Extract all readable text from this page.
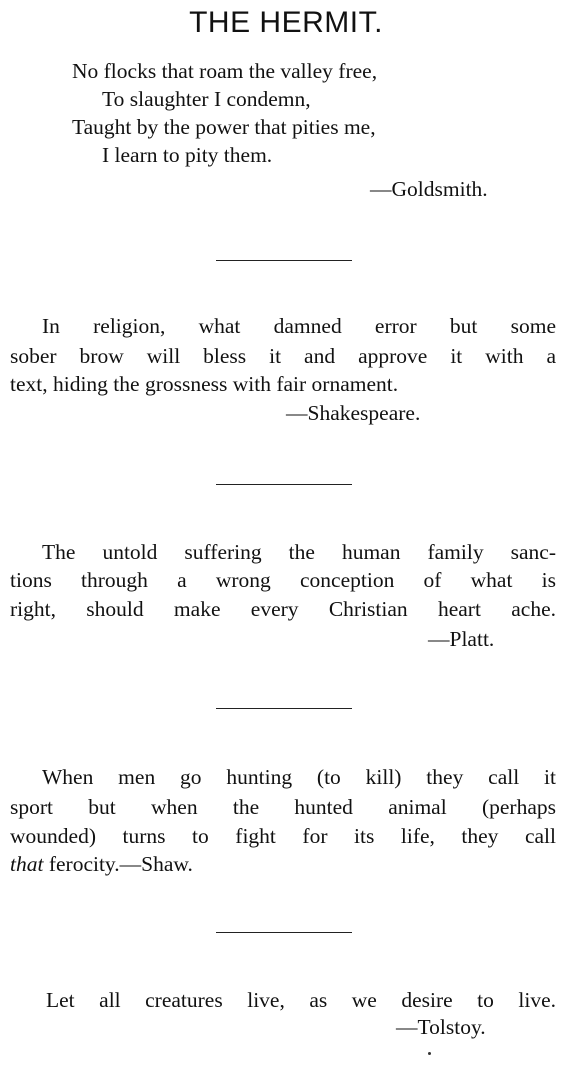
THE HERMIT.
No flocks that roam the valley free,
To slaughter I condemn,
Taught by the power that pities me,
I learn to pity them.
—Goldsmith.
In religion, what damned error but some
sober brow will bless it and approve it with a
text, hiding the grossness with fair ornament.
—Shakespeare.
The untold suffering the human family sanc-
tions through a wrong conception of what is
right, should make every Christian heart ache.
—Platt.
When men go hunting (to kill) they call it
sport but when the hunted animal (perhaps
wounded) turns to fight for its life, they call
that ferocity.—Shaw.
Let all creatures live, as we desire to live.
—Tolstoy.
